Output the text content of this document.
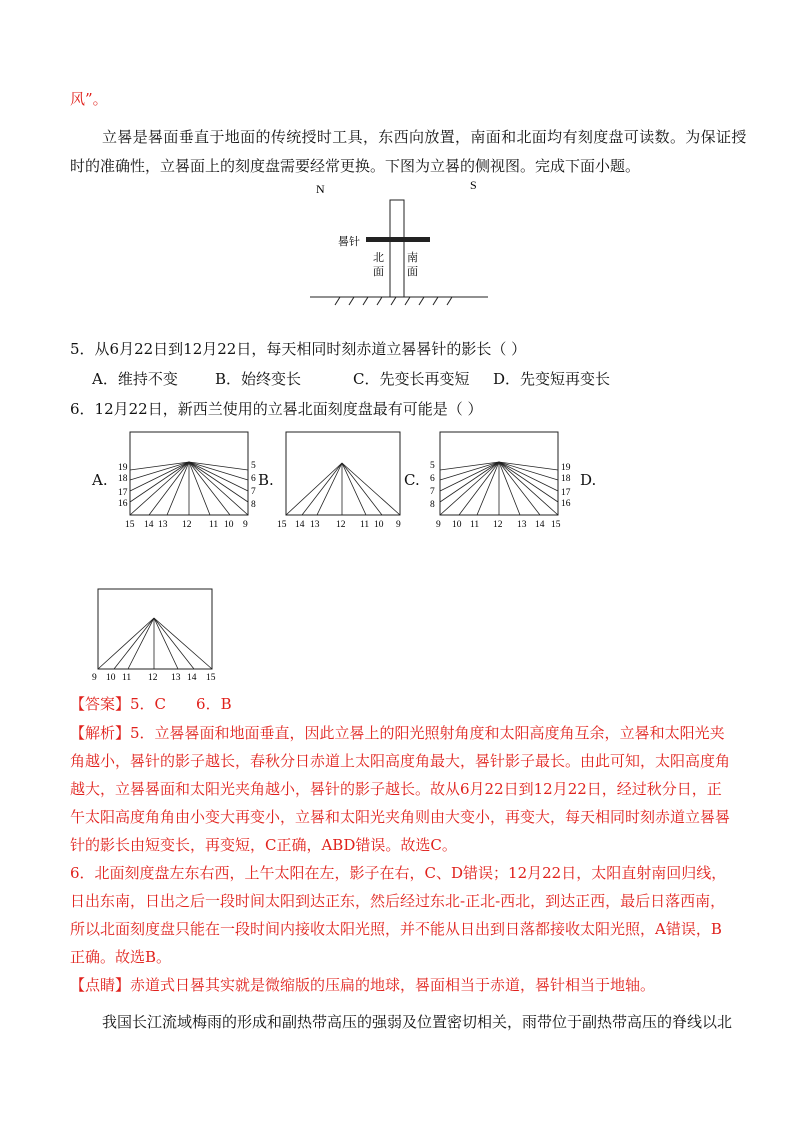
风”。
立晷是晷面垂直于地面的传统授时工具，东西向放置，南面和北面均有刻度盘可读数。为保证授
时的准确性，立晷面上的刻度盘需要经常更换。下图为立晷的侧视图。完成下面小题。
N	S
晷针
北
面
南
面
5．从6月22日到12月22日，每天相同时刻赤道立晷晷针的影长（ ）
A．维持不变 B．始终变长	C．先变长再变短 D．先变短再变长
6．12月22日，新西兰使用的立晷北面刻度盘最有可能是（ ）
A.
19
18
17
16
5
6
7
8
15 14 13 12 11 10 9
B.
15 14 13 12 11 10 9
C.
5
6
7
8
19
18
17
16
9 10 11 12 13 14 15
D.
9 10 11 12 13 14 15
【答案】5．C　　6．B
【解析】5．立晷晷面和地面垂直，因此立晷上的阳光照射角度和太阳高度角互余，立晷和太阳光夹
角越小，晷针的影子越长，春秋分日赤道上太阳高度角最大，晷针影子最长。由此可知，太阳高度角
越大，立晷晷面和太阳光夹角越小，晷针的影子越长。故从6月22日到12月22日，经过秋分日，正
午太阳高度角角由小变大再变小，立晷和太阳光夹角则由大变小，再变大，每天相同时刻赤道立晷晷
针的影长由短变长，再变短，C正确，ABD错误。故选C。
6．北面刻度盘左东右西，上午太阳在左，影子在右，C、D错误；12月22日，太阳直射南回归线，
日出东南，日出之后一段时间太阳到达正东，然后经过东北-正北-西北，到达正西，最后日落西南，
所以北面刻度盘只能在一段时间内接收太阳光照，并不能从日出到日落都接收太阳光照，A错误，B
正确。故选B。
【点睛】赤道式日晷其实就是微缩版的压扁的地球，晷面相当于赤道，晷针相当于地轴。
我国长江流域梅雨的形成和副热带高压的强弱及位置密切相关，雨带位于副热带高压的脊线以北
